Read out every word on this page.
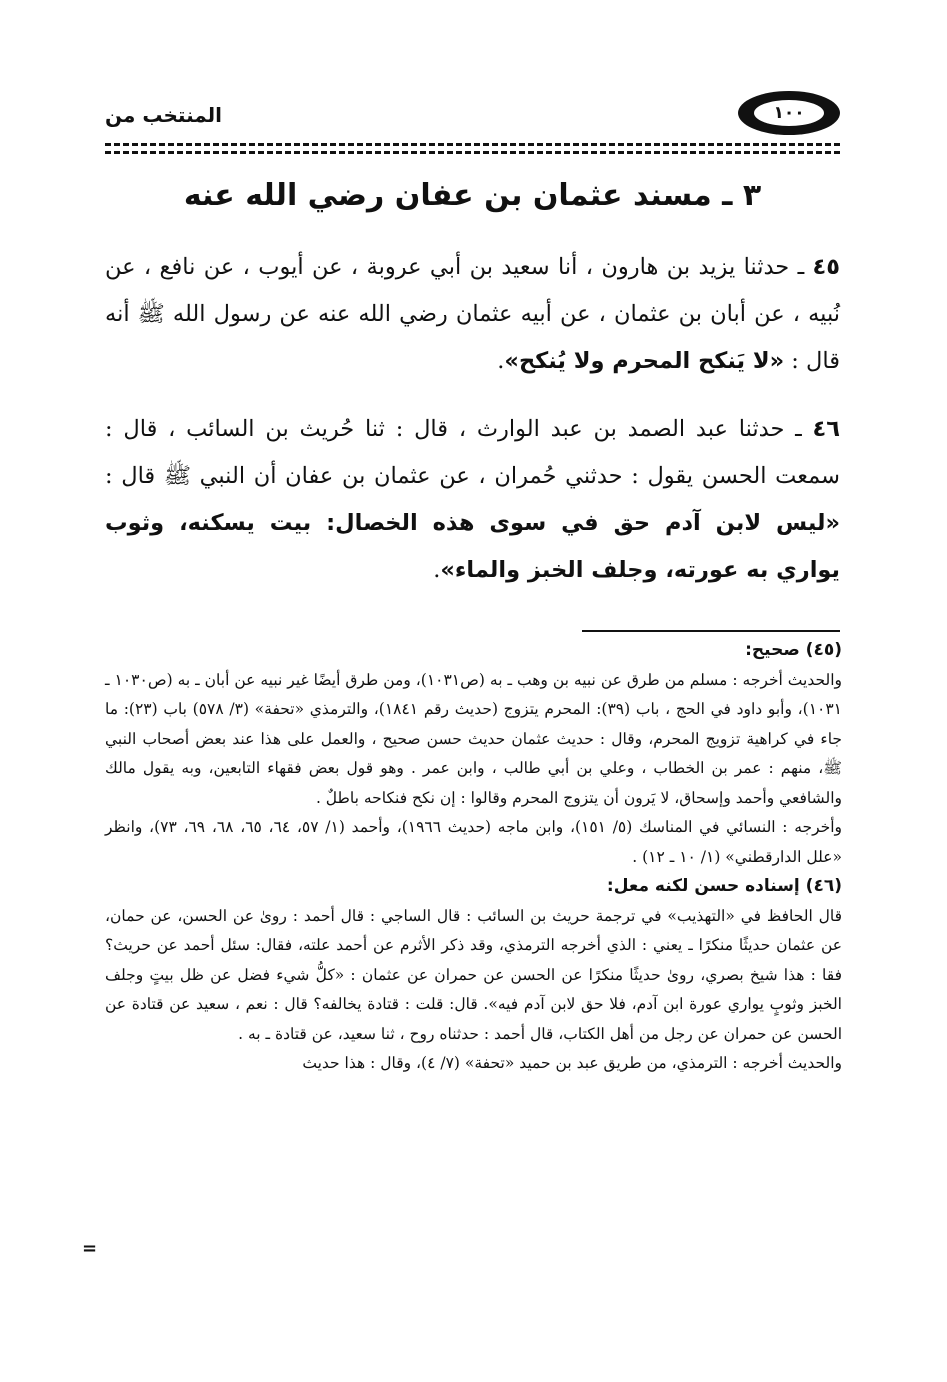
١٠٠
المنتخب من
٣ ـ مسند عثمان بن عفان رضي الله عنه

٤٥ ـ حدثنا يزيد بن هارون ، أنا سعيد بن أبي عروبة ، عن أيوب ، عن نافع ، عن نُبيه ، عن أبان بن عثمان ، عن أبيه عثمان رضي الله عنه عن رسول الله ﷺ أنه قال : «لا يَنكح المحرم ولا يُنكح».

٤٦ ـ حدثنا عبد الصمد بن عبد الوارث ، قال : ثنا حُريث بن السائب ، قال : سمعت الحسن يقول : حدثني حُمران ، عن عثمان بن عفان أن النبي ﷺ قال : «ليس لابن آدم حق في سوى هذه الخصال: بيت يسكنه، وثوب يواري به عورته، وجلف الخبز والماء».

(٤٥) صحيح:

والحديث أخرجه : مسلم من طرق عن نبيه بن وهب ـ به (ص١٠٣١)، ومن طرق أيضًا غير نبيه عن أبان ـ به (ص١٠٣٠ ـ ١٠٣١)، وأبو داود في الحج ، باب (٣٩): المحرم يتزوج (حديث رقم ١٨٤١)، والترمذي «تحفة» (٣/ ٥٧٨) باب (٢٣): ما جاء في كراهية تزويج المحرم، وقال : حديث عثمان حديث حسن صحيح ، والعمل على هذا عند بعض أصحاب النبي ﷺ، منهم : عمر بن الخطاب ، وعلي بن أبي طالب ، وابن عمر . وهو قول بعض فقهاء التابعين، وبه يقول مالك والشافعي وأحمد وإسحاق، لا يَرون أن يتزوج المحرم وقالوا : إن نكح فنكاحه باطلٌ .

وأخرجه : النسائي في المناسك (٥/ ١٥١)، وابن ماجه (حديث ١٩٦٦)، وأحمد (١/ ٥٧، ٦٤، ٦٥، ٦٨، ٦٩، ٧٣)، وانظر «علل الدارقطني» (١/ ١٠ ـ ١٢) .

(٤٦) إسناده حسن لكنه معل:

قال الحافظ في «التهذيب» في ترجمة حريث بن السائب : قال الساجي : قال أحمد : روىٰ عن الحسن، عن حمان، عن عثمان حديثًا منكرًا ـ يعني : الذي أخرجه الترمذي، وقد ذكر الأثرم عن أحمد علته، فقال: سئل أحمد عن حريث؟ فقا : هذا شيخ بصري، روىٰ حديثًا منكرًا عن الحسن عن حمران عن عثمان : «كلُّ شيء فضل عن ظل بيتٍ وجلف الخبز وثوبٍ يواري عورة ابن آدم، فلا حق لابن آدم فيه». قال: قلت : قتادة يخالفه؟ قال : نعم ، سعيد عن قتادة عن الحسن عن حمران عن رجل من أهل الكتاب، قال أحمد : حدثناه روح ، ثنا سعيد، عن قتادة ـ به .

والحديث أخرجه : الترمذي، من طريق عبد بن حميد «تحفة» (٧/ ٤)، وقال : هذا حديث

=
